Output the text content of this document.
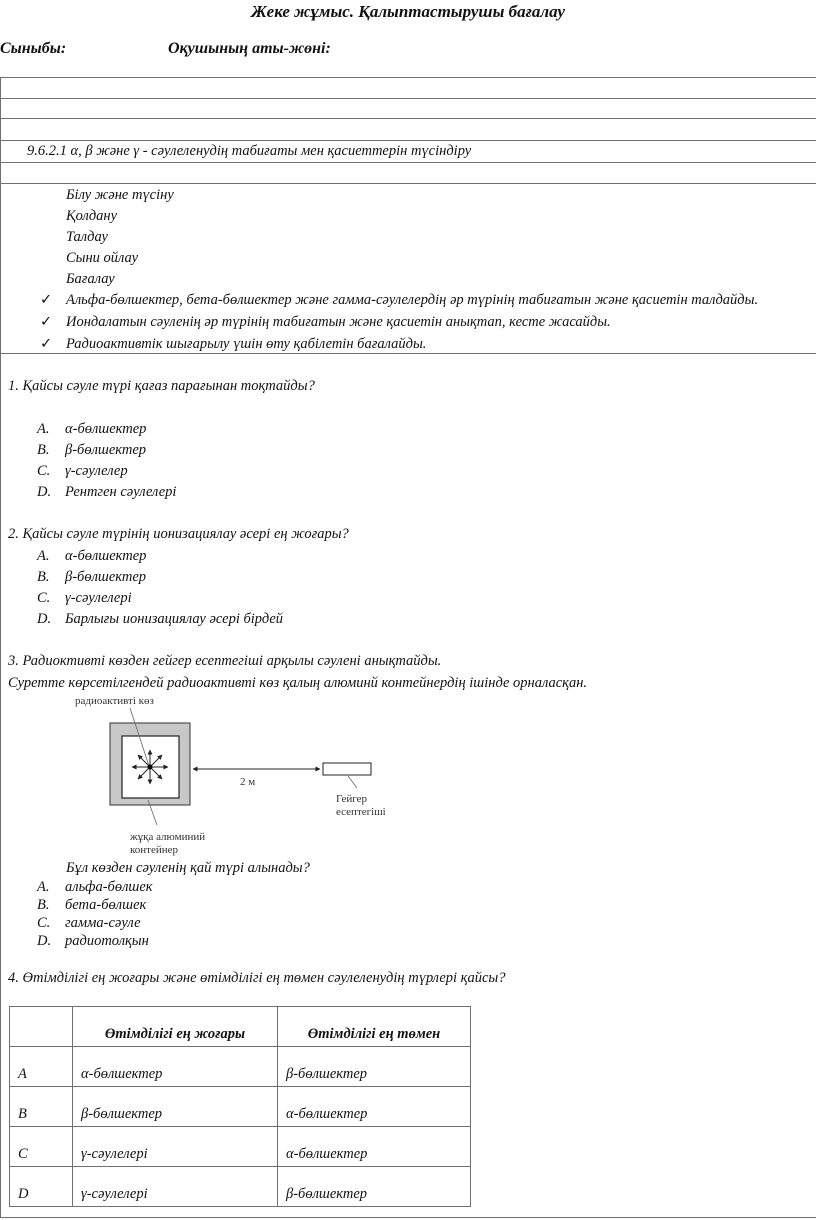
Жеке жұмыс. Қалыптастырушы бағалау
Сыныбы:	Оқушының аты-жөні:
9.6.2.1 α, β және γ - сәулеленудің табиғаты мен қасиеттерін түсіндіру
Білу және түсіну
Қолдану
Талдау
Сыни ойлау
Бағалау
✓ Альфа-бөлшектер, бета-бөлшектер және гамма-сәулелердің әр түрінің табиғатын және қасиетін талдайды.
✓ Иондалатын сәуленің әр түрінің табиғатын және қасиетін анықтап, кесте жасайды.
✓ Радиоактивтік шығарылу үшін өту қабілетін бағалайды.
1. Қайсы сәуле түрі қағаз парағынан тоқтайды?
A. α-бөлшектер
B. β-бөлшектер
C. γ-сәулелер
D. Рентген сәулелері
2. Қайсы сәуле түрінің ионизациялау әсері ең жоғары?
A. α-бөлшектер
B. β-бөлшектер
C. γ-сәулелері
D. Барлығы ионизациялау әсері бірдей
3. Радиоктивті көзден гейгер есептегіші арқылы сәулені анықтайды.
Суретте көрсетілгендей радиоактивті көз қалың алюминй контейнердің ішінде орналасқан.
радиоактивті көз
2 м
Гейгер
есептегіші
жұқа алюминий
контейнер
Бұл көзден сәуленің қай түрі алынады?
A. альфа-бөлшек
B. бета-бөлшек
C. гамма-сәуле
D. радиотолқын
4. Өтімділігі ең жоғары және өтімділігі ең төмен сәулеленудің түрлері қайсы?
	Өтімділігі ең жоғары	Өтімділігі ең төмен
A	α-бөлшектер	β-бөлшектер
B	β-бөлшектер	α-бөлшектер
C	γ-сәулелері	α-бөлшектер
D	γ-сәулелері	β-бөлшектер
